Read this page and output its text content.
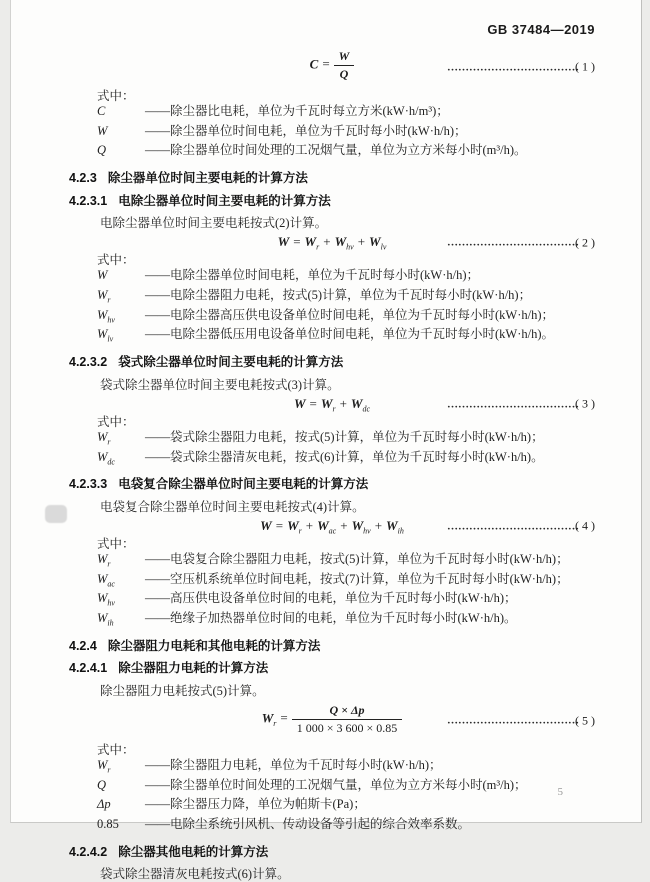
GB 37484—2019
$C = \frac{W}{Q}$	………………………………
( 1 )
式中：
C	——除尘器比电耗，单位为千瓦时每立方米(kW·h/m³)；
W	——除尘器单位时间电耗，单位为千瓦时每小时(kW·h/h)；
Q	——除尘器单位时间处理的工况烟气量，单位为立方米每小时(m³/h)。
4.2.3 除尘器单位时间主要电耗的计算方法
4.2.3.1 电除尘器单位时间主要电耗的计算方法

电除尘器单位时间主要电耗按式(2)计算。

$W = W_r + W_{hv} + W_{lv}$	………………………………
( 2 )
式中：
W	——电除尘器单位时间电耗，单位为千瓦时每小时(kW·h/h)；
$W_r$	——电除尘器阻力电耗，按式(5)计算，单位为千瓦时每小时(kW·h/h)；
$W_{hv}$	——电除尘器高压供电设备单位时间电耗，单位为千瓦时每小时(kW·h/h)；
$W_{lv}$	——电除尘器低压用电设备单位时间电耗，单位为千瓦时每小时(kW·h/h)。
4.2.3.2 袋式除尘器单位时间主要电耗的计算方法

袋式除尘器单位时间主要电耗按式(3)计算。

$W = W_r + W_{dc}$	………………………………
( 3 )
式中：
$W_r$	——袋式除尘器阻力电耗，按式(5)计算，单位为千瓦时每小时(kW·h/h)；
$W_{dc}$	——袋式除尘器清灰电耗，按式(6)计算，单位为千瓦时每小时(kW·h/h)。
4.2.3.3 电袋复合除尘器单位时间主要电耗的计算方法

电袋复合除尘器单位时间主要电耗按式(4)计算。

$W = W_r + W_{ac} + W_{hv} + W_{ih}$	………………………………
( 4 )
式中：
$W_r$	——电袋复合除尘器阻力电耗，按式(5)计算，单位为千瓦时每小时(kW·h/h)；
$W_{ac}$	——空压机系统单位时间电耗，按式(7)计算，单位为千瓦时每小时(kW·h/h)；
$W_{hv}$	——高压供电设备单位时间的电耗，单位为千瓦时每小时(kW·h/h)；
$W_{ih}$	——绝缘子加热器单位时间的电耗，单位为千瓦时每小时(kW·h/h)。
4.2.4 除尘器阻力电耗和其他电耗的计算方法
4.2.4.1 除尘器阻力电耗的计算方法

除尘器阻力电耗按式(5)计算。

$W_r = \frac{Q \times \Delta p}{1 000 \times 3 600 \times 0.85}$	………………………………
( 5 )
式中：
$W_r$	——除尘器阻力电耗，单位为千瓦时每小时(kW·h/h)；
Q	——除尘器单位时间处理的工况烟气量，单位为立方米每小时(m³/h)；
Δp	——除尘器压力降，单位为帕斯卡(Pa)；
0.85	——电除尘系统引风机、传动设备等引起的综合效率系数。
4.2.4.2 除尘器其他电耗的计算方法

袋式除尘器清灰电耗按式(6)计算。

5
